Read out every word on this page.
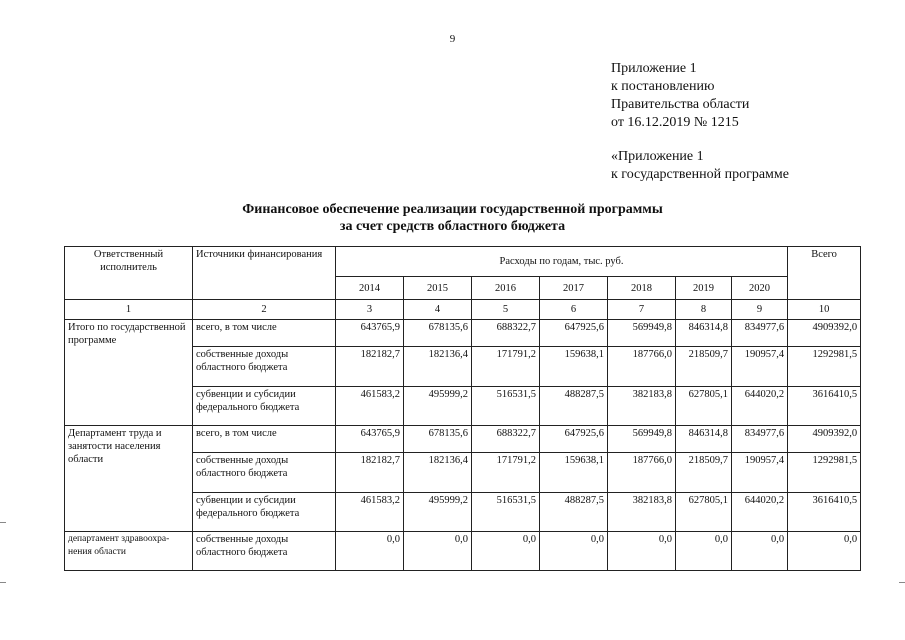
9
Приложение 1
к постановлению
Правительства области
от 16.12.2019 № 1215
«Приложение 1
к государственной программе
Финансовое обеспечение реализации государственной программы
за счет средств областного бюджета
Ответственный исполнитель	Источники финансирования	Расходы по годам, тыс. руб.							Всего
		2014	2015	2016	2017	2018	2019	2020	
1	2	3	4	5	6	7	8	9	10
Итого по государственной программе	всего, в том числе	643765,9	678135,6	688322,7	647925,6	569949,8	846314,8	834977,6	4909392,0
	собственные доходы областного бюджета	182182,7	182136,4	171791,2	159638,1	187766,0	218509,7	190957,4	1292981,5
	субвенции и субсидии федерального бюджета	461583,2	495999,2	516531,5	488287,5	382183,8	627805,1	644020,2	3616410,5
Департамент труда и занятости населения области	всего, в том числе	643765,9	678135,6	688322,7	647925,6	569949,8	846314,8	834977,6	4909392,0
	собственные доходы областного бюджета	182182,7	182136,4	171791,2	159638,1	187766,0	218509,7	190957,4	1292981,5
	субвенции и субсидии федерального бюджета	461583,2	495999,2	516531,5	488287,5	382183,8	627805,1	644020,2	3616410,5
департамент здравоохра-нения области	собственные доходы областного бюджета	0,0	0,0	0,0	0,0	0,0	0,0	0,0	0,0
